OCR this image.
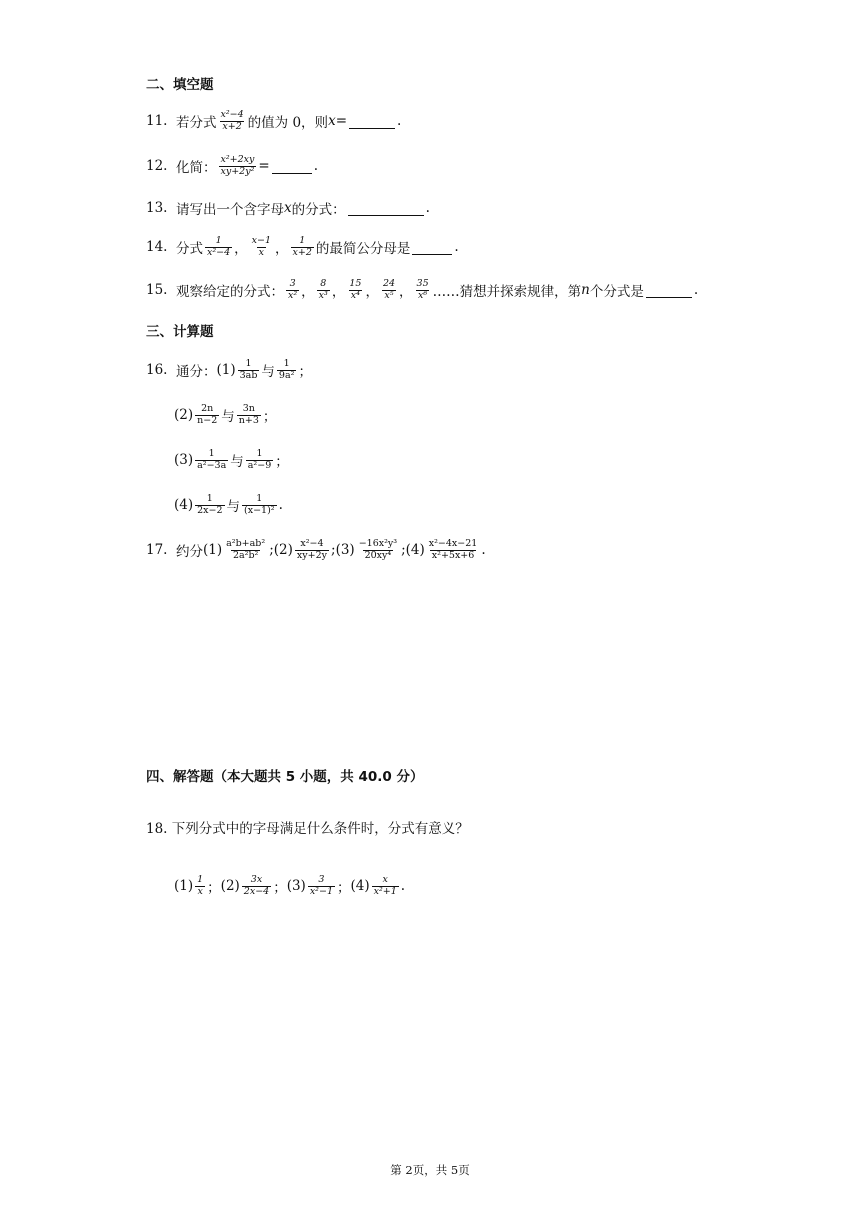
二、填空题
11. 若分式 $\frac{\text{x²−4}}{x+2}$ 的值为 0，则 x =	.
12. 化简： $\frac{\text{x²+2xy}}{\text{xy+2y²}}$ =	.
13. 请写出一个含字母 x 的分式：	.
14. 分式 $\frac{1}{\text{x²−4}}$ ， $\frac{x-1}{x}$ ， $\frac{1}{x+2}$ 的最简公分母是	.
15. 观察给定的分式： $\frac{3}{\text{x²}}$ ， $\frac{8}{\text{x³}}$ ， $\frac{15}{\text{x⁴}}$ ， $\frac{24}{\text{x⁵}}$ ， $\frac{35}{\text{x⁶}}$ ……猜想并探索规律，第 n 个分式是	.
三、计算题
16. 通分： $(1) \frac{1}{3ab}$ 与 $\frac{1}{\text{9a²}}$ ；
$(2) \frac{2n}{n-2}$ 与 $\frac{3n}{n+3}$ ；
$(3) \frac{1}{\text{a²−3a}}$ 与 $\frac{1}{\text{a²−9}}$ ；
$(4) \frac{1}{2x-2}$ 与 $\frac{1}{\text{(x−1)²}}$ .
17. 约分 $(1) \frac{\text{a²b+ab²}}{\text{2a²b²}}$ ; $(2) \frac{\text{x²−4}}{xy+2y}$ ; $(3) \frac{\text{−16x²y³}}{\text{20xy⁴}}$ ; $(4) \frac{\text{x²−4x−21}}{\text{x²+5x+6}}$ .
四、解答题（本大题共 5 小题，共 40.0 分）
18. 下列分式中的字母满足什么条件时，分式有意义？
$(1) \frac{1}{x}$ ； $(2) \frac{3x}{2x-4}$ ； $(3) \frac{3}{\text{x²−1}}$ ； $(4) \frac{x}{\text{x²+1}}$ .
第 2页，共 5页
